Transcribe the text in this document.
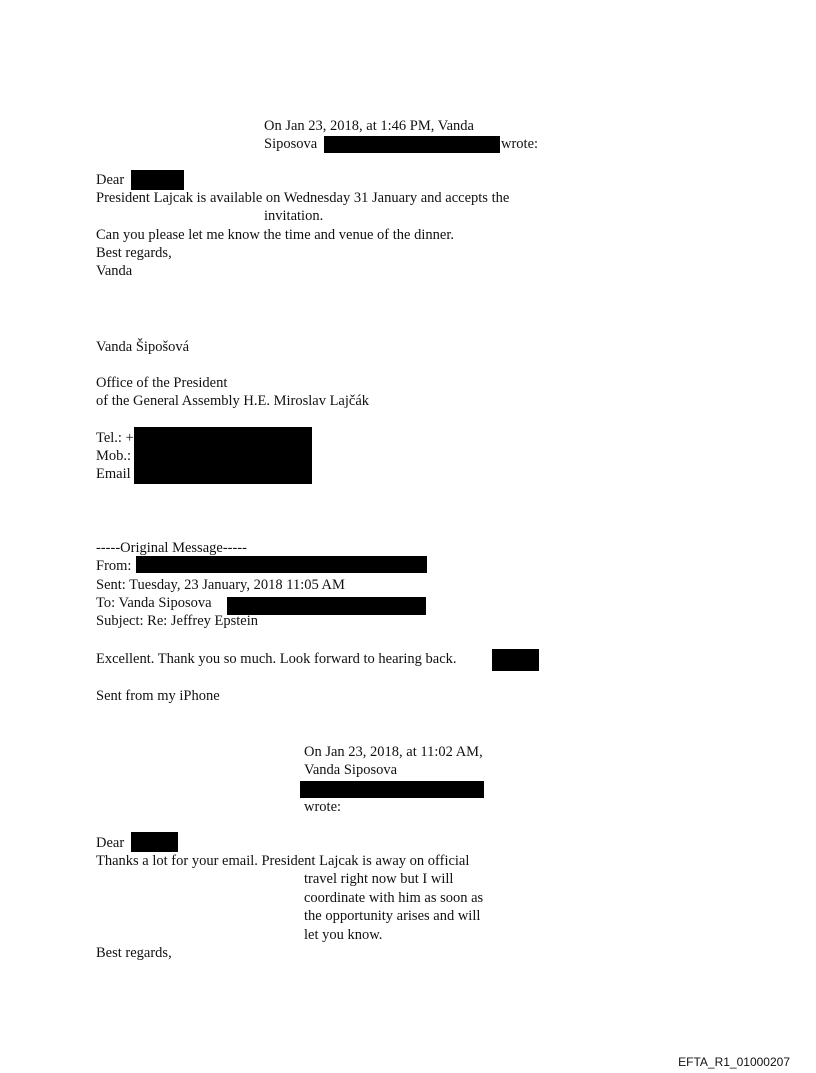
On Jan 23, 2018, at 1:46 PM, Vanda
Siposova	wrote:
Dear
President Lajcak is available on Wednesday 31 January and accepts the
invitation.
Can you please let me know the time and venue of the dinner.
Best regards,
Vanda
Vanda Šipošová
Office of the President
of the General Assembly H.E. Miroslav Lajčák
Tel.: +
Mob.:
Email
-----Original Message-----
From:
Sent: Tuesday, 23 January, 2018 11:05 AM
To: Vanda Siposova
Subject: Re: Jeffrey Epstein
Excellent. Thank you so much. Look forward to hearing back.
Sent from my iPhone
On Jan 23, 2018, at 11:02 AM,
Vanda Siposova
wrote:
Dear
Thanks a lot for your email. President Lajcak is away on official
travel right now but I will
coordinate with him as soon as
the opportunity arises and will
let you know.
Best regards,
EFTA_R1_01000207
